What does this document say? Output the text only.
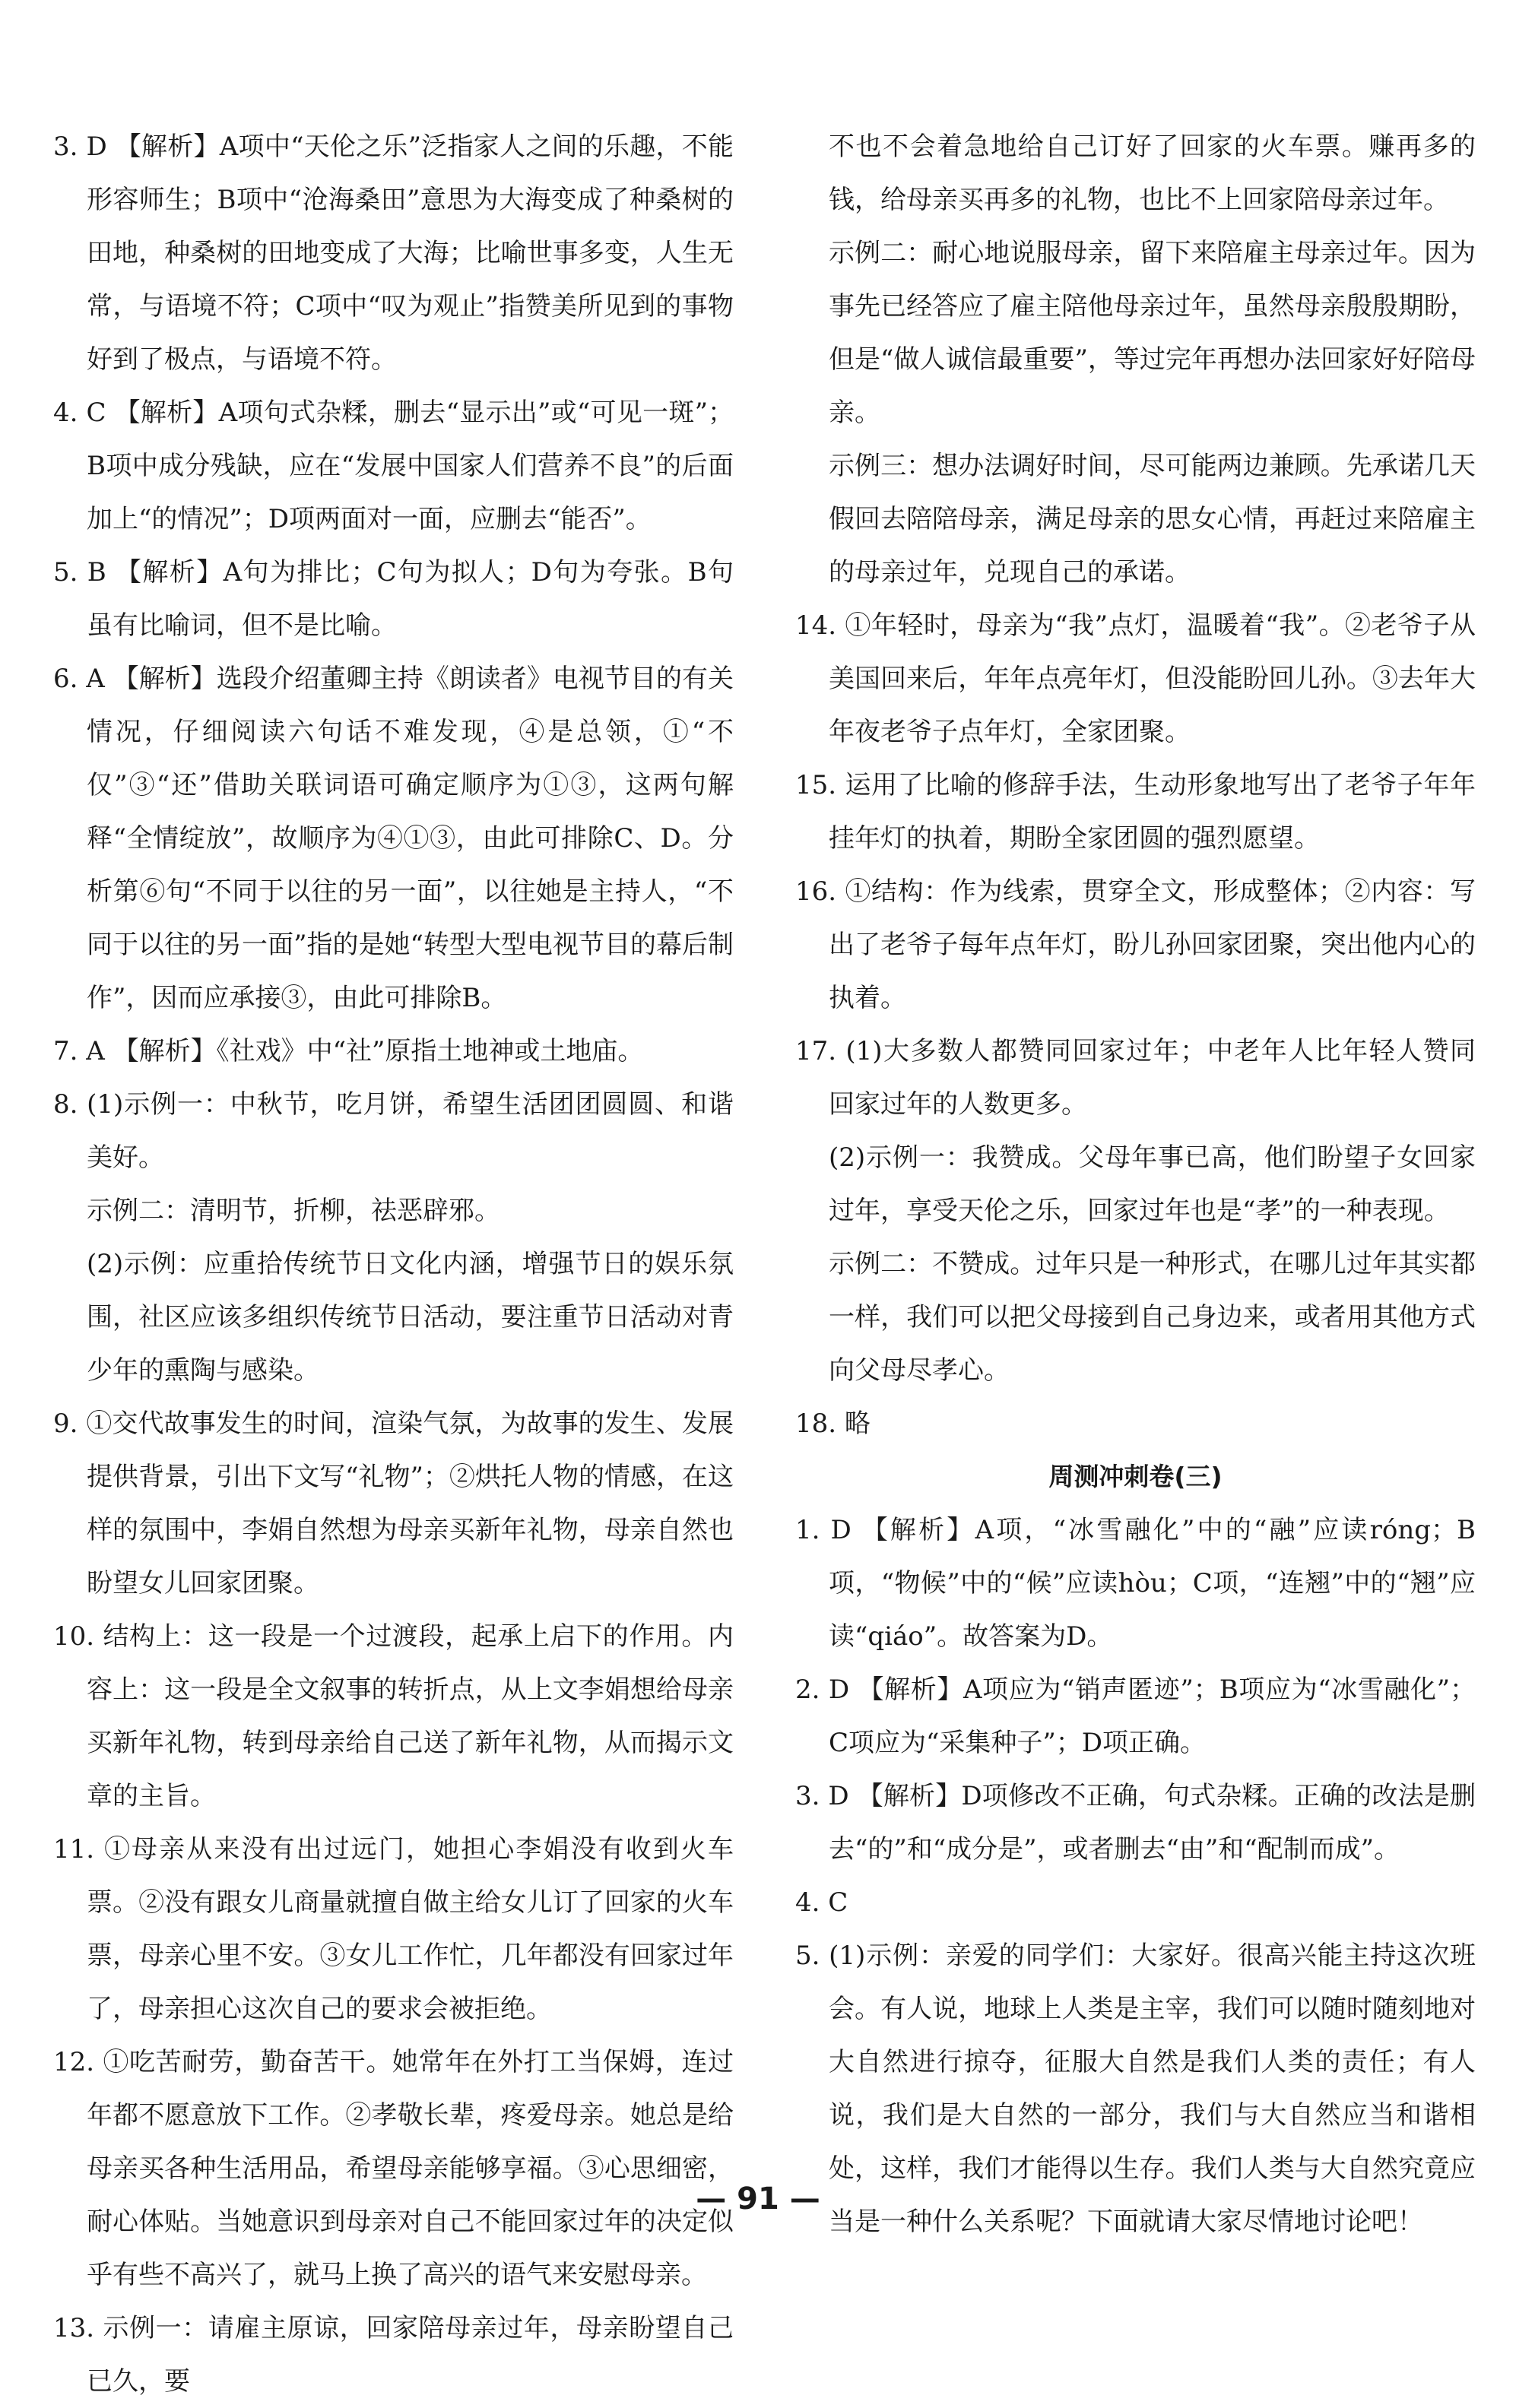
3. D 【解析】A项中“天伦之乐”泛指家人之间的乐趣，不能形容师生；B项中“沧海桑田”意思为大海变成了种桑树的田地，种桑树的田地变成了大海；比喻世事多变，人生无常，与语境不符；C项中“叹为观止”指赞美所见到的事物好到了极点，与语境不符。

4. C 【解析】A项句式杂糅，删去“显示出”或“可见一斑”；B项中成分残缺，应在“发展中国家人们营养不良”的后面加上“的情况”；D项两面对一面，应删去“能否”。

5. B 【解析】A句为排比；C句为拟人；D句为夸张。B句虽有比喻词，但不是比喻。

6. A 【解析】选段介绍董卿主持《朗读者》电视节目的有关情况，仔细阅读六句话不难发现，④是总领，①“不仅”③“还”借助关联词语可确定顺序为①③，这两句解释“全情绽放”，故顺序为④①③，由此可排除C、D。分析第⑥句“不同于以往的另一面”，以往她是主持人，“不同于以往的另一面”指的是她“转型大型电视节目的幕后制作”，因而应承接③，由此可排除B。

7. A 【解析】《社戏》中“社”原指土地神或土地庙。

8. (1)示例一：中秋节，吃月饼，希望生活团团圆圆、和谐美好。

示例二：清明节，折柳，祛恶辟邪。

(2)示例：应重拾传统节日文化内涵，增强节日的娱乐氛围，社区应该多组织传统节日活动，要注重节日活动对青少年的熏陶与感染。

9. ①交代故事发生的时间，渲染气氛，为故事的发生、发展提供背景，引出下文写“礼物”；②烘托人物的情感，在这样的氛围中，李娟自然想为母亲买新年礼物，母亲自然也盼望女儿回家团聚。

10. 结构上：这一段是一个过渡段，起承上启下的作用。内容上：这一段是全文叙事的转折点，从上文李娟想给母亲买新年礼物，转到母亲给自己送了新年礼物，从而揭示文章的主旨。

11. ①母亲从来没有出过远门，她担心李娟没有收到火车票。②没有跟女儿商量就擅自做主给女儿订了回家的火车票，母亲心里不安。③女儿工作忙，几年都没有回家过年了，母亲担心这次自己的要求会被拒绝。

12. ①吃苦耐劳，勤奋苦干。她常年在外打工当保姆，连过年都不愿意放下工作。②孝敬长辈，疼爱母亲。她总是给母亲买各种生活用品，希望母亲能够享福。③心思细密，耐心体贴。当她意识到母亲对自己不能回家过年的决定似乎有些不高兴了，就马上换了高兴的语气来安慰母亲。

13. 示例一：请雇主原谅，回家陪母亲过年，母亲盼望自己已久，要

不也不会着急地给自己订好了回家的火车票。赚再多的钱，给母亲买再多的礼物，也比不上回家陪母亲过年。

示例二：耐心地说服母亲，留下来陪雇主母亲过年。因为事先已经答应了雇主陪他母亲过年，虽然母亲殷殷期盼，但是“做人诚信最重要”，等过完年再想办法回家好好陪母亲。

示例三：想办法调好时间，尽可能两边兼顾。先承诺几天假回去陪陪母亲，满足母亲的思女心情，再赶过来陪雇主的母亲过年，兑现自己的承诺。

14. ①年轻时，母亲为“我”点灯，温暖着“我”。②老爷子从美国回来后，年年点亮年灯，但没能盼回儿孙。③去年大年夜老爷子点年灯，全家团聚。

15. 运用了比喻的修辞手法，生动形象地写出了老爷子年年挂年灯的执着，期盼全家团圆的强烈愿望。

16. ①结构：作为线索，贯穿全文，形成整体；②内容：写出了老爷子每年点年灯，盼儿孙回家团聚，突出他内心的执着。

17. (1)大多数人都赞同回家过年；中老年人比年轻人赞同回家过年的人数更多。

(2)示例一：我赞成。父母年事已高，他们盼望子女回家过年，享受天伦之乐，回家过年也是“孝”的一种表现。

示例二：不赞成。过年只是一种形式，在哪儿过年其实都一样，我们可以把父母接到自己身边来，或者用其他方式向父母尽孝心。

18. 略

周测冲刺卷(三)

1. D 【解析】A项，“冰雪融化”中的“融”应读róng；B项，“物候”中的“候”应读hòu；C项，“连翘”中的“翘”应读“qiáo”。故答案为D。

2. D 【解析】A项应为“销声匿迹”；B项应为“冰雪融化”；C项应为“采集种子”；D项正确。

3. D 【解析】D项修改不正确，句式杂糅。正确的改法是删去“的”和“成分是”，或者删去“由”和“配制而成”。

4. C

5. (1)示例：亲爱的同学们：大家好。很高兴能主持这次班会。有人说，地球上人类是主宰，我们可以随时随刻地对大自然进行掠夺，征服大自然是我们人类的责任；有人说，我们是大自然的一部分，我们与大自然应当和谐相处，这样，我们才能得以生存。我们人类与大自然究竟应当是一种什么关系呢？下面就请大家尽情地讨论吧！

— 91 —
